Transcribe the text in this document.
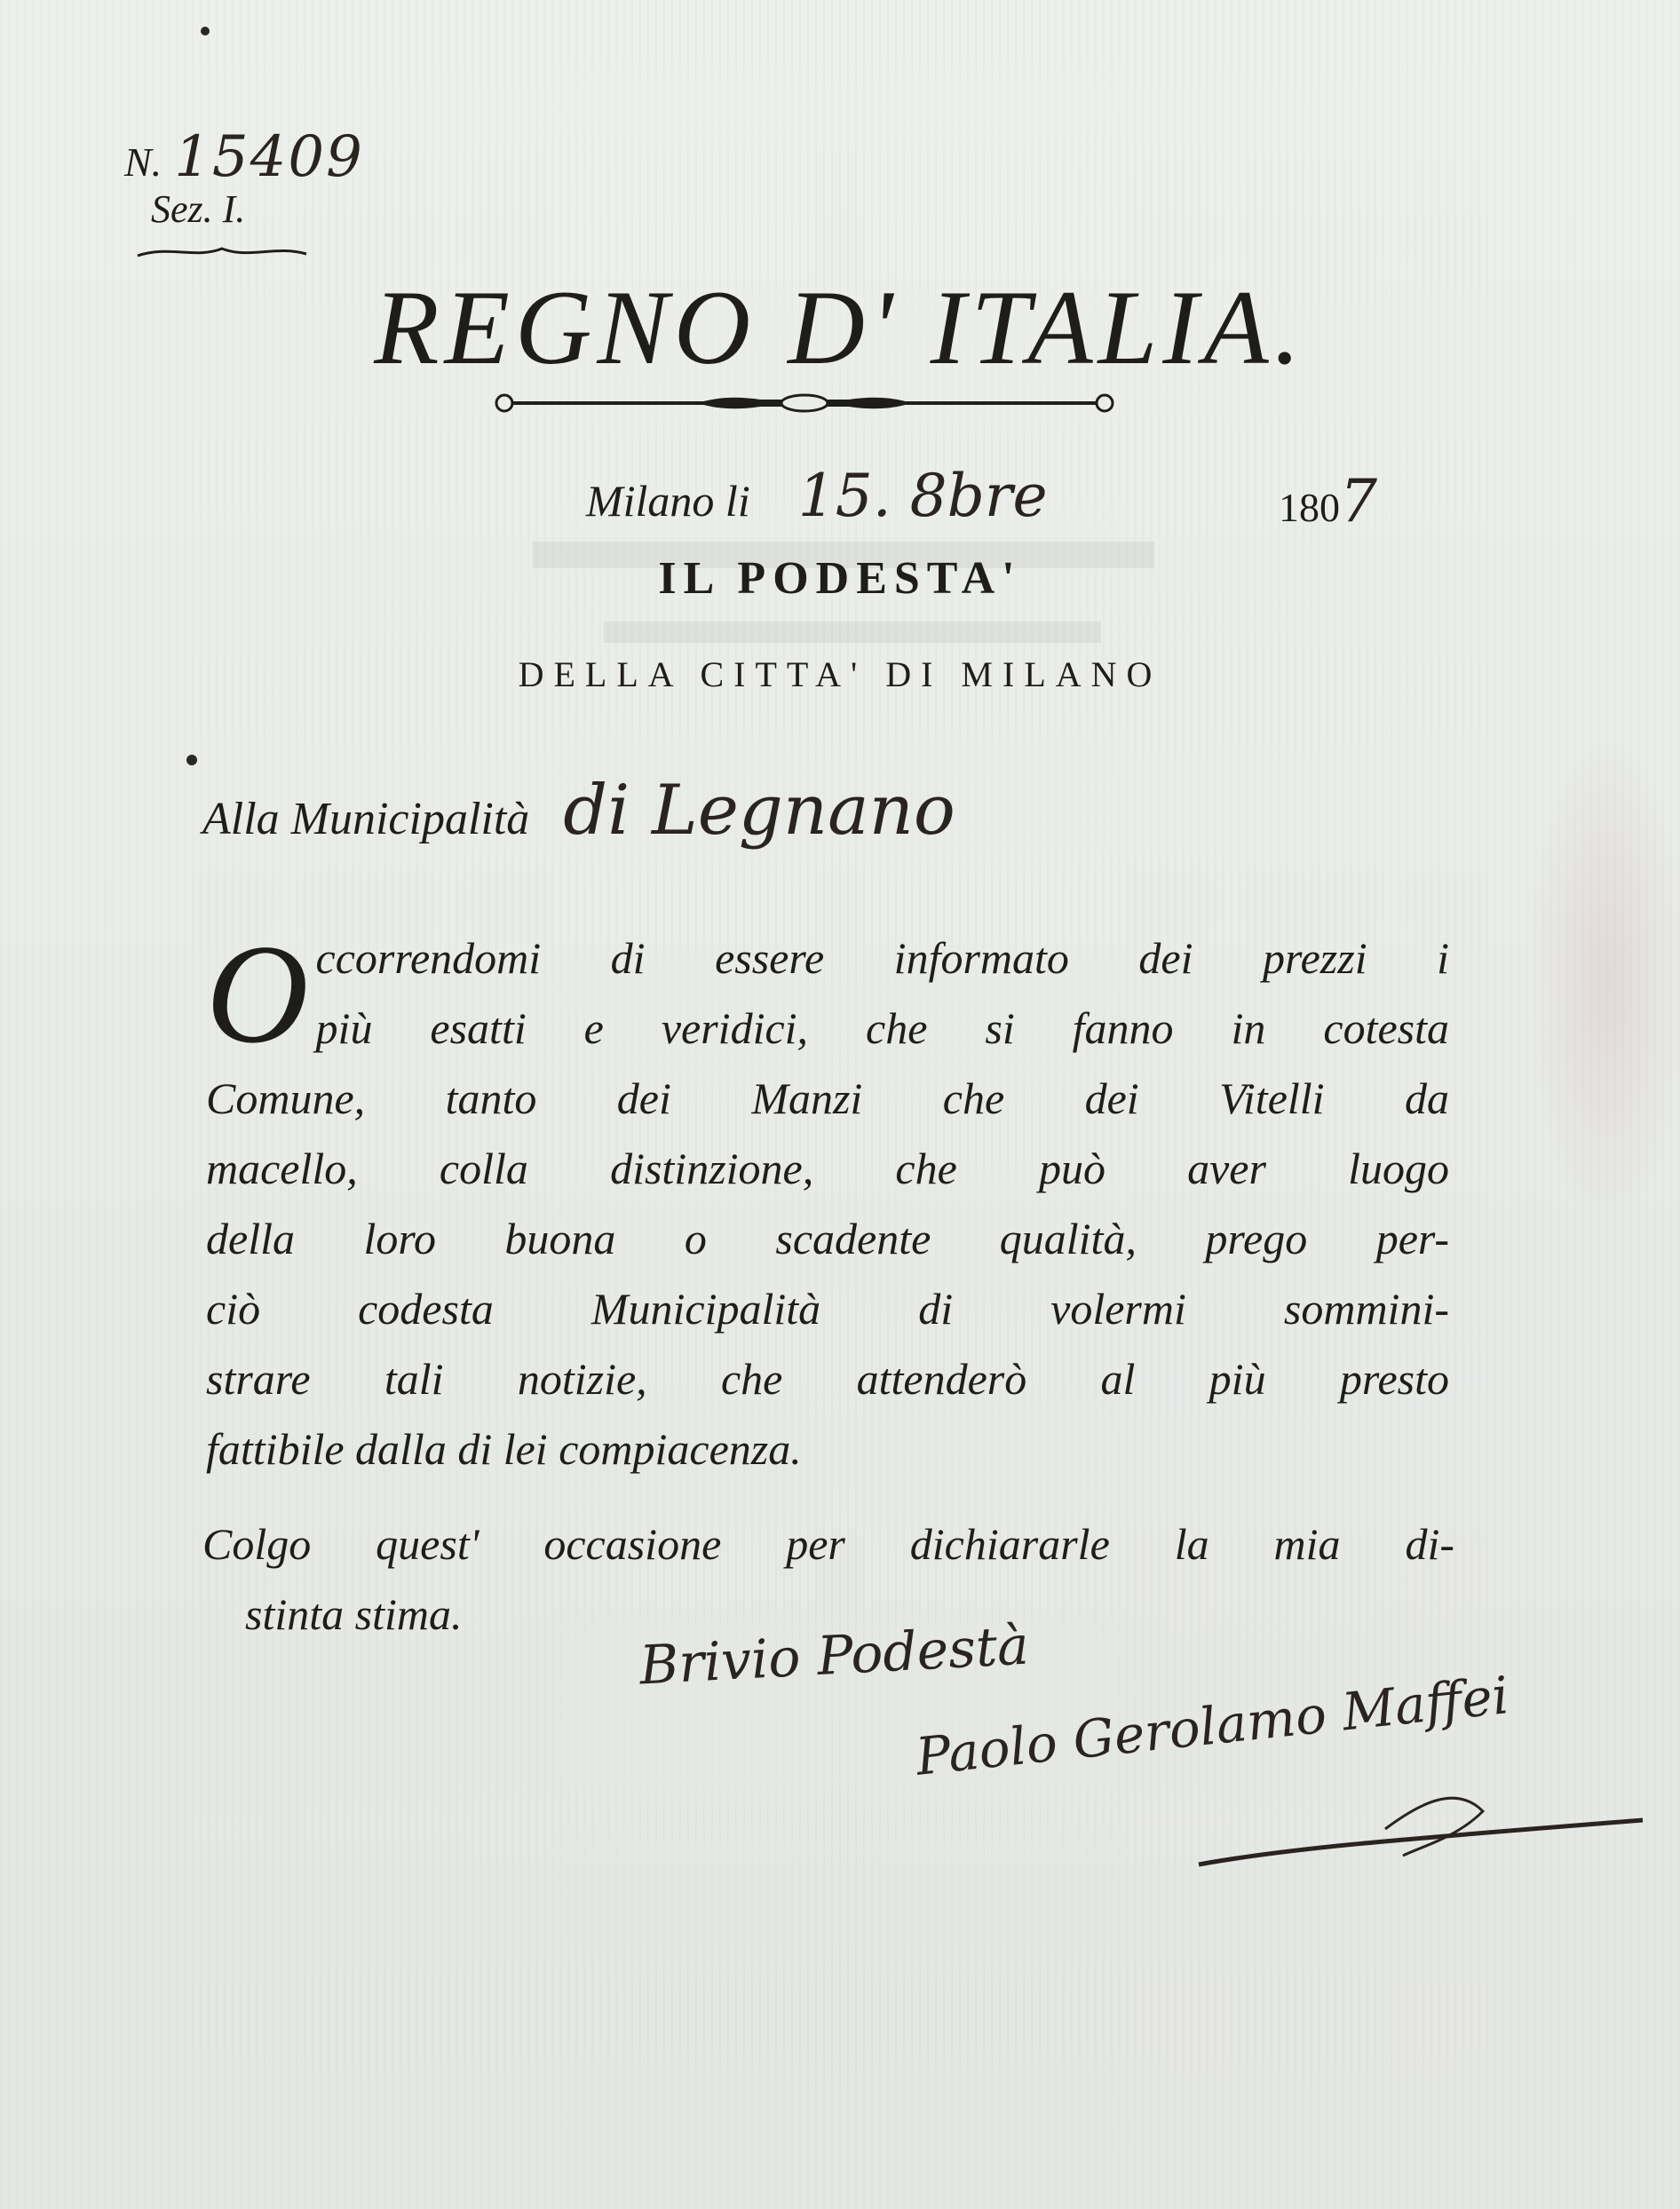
N. 15409
Sez. I.
REGNO D' ITALIA.
Milano li 15. 8bre	1807
IL PODESTA'
DELLA CITTA' DI MILANO
Alla Municipalità di Legnano
O ccorrendomi di essere informato dei prezzi i
più esatti e veridici, che si fanno in cotesta
Comune, tanto dei Manzi che dei Vitelli da
macello, colla distinzione, che può aver luogo
della loro buona o scadente qualità, prego per-
ciò codesta Municipalità di volermi sommini-
strare tali notizie, che attenderò al più presto
fattibile dalla di lei compiacenza.
Colgo quest' occasione per dichiararle la mia di-
stinta stima.
Brivio Podestà
Paolo Gerolamo Maffei
